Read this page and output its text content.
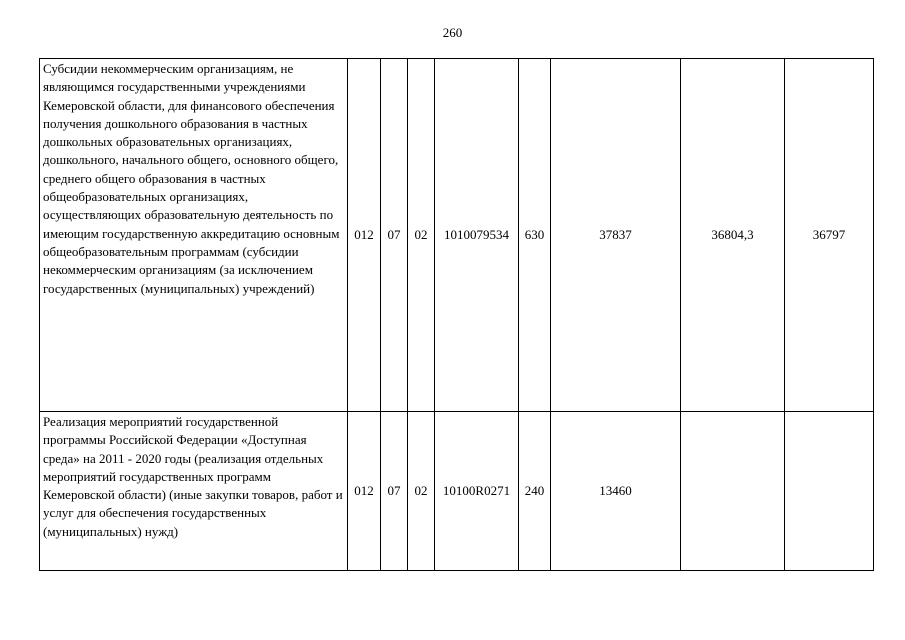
260
Субсидии некоммерческим организациям, не являющимся государственными учреждениями Кемеровской области, для финансового обеспечения получения дошкольного образования в частных дошкольных образовательных организациях, дошкольного, начального общего, основного общего, среднего общего образования в частных общеобразовательных организациях, осуществляющих образовательную деятельность по имеющим государственную аккредитацию основным общеобразовательным программам (субсидии некоммерческим организациям (за исключением государственных (муниципальных) учреждений)	012	07	02	1010079534	630	37837	36804,3	36797
Реализация мероприятий государственной программы Российской Федерации «Доступная среда» на 2011 - 2020 годы (реализация отдельных мероприятий государственных программ Кемеровской области) (иные закупки товаров, работ и услуг для обеспечения государственных (муниципальных) нужд)	012	07	02	10100R0271	240	13460		
